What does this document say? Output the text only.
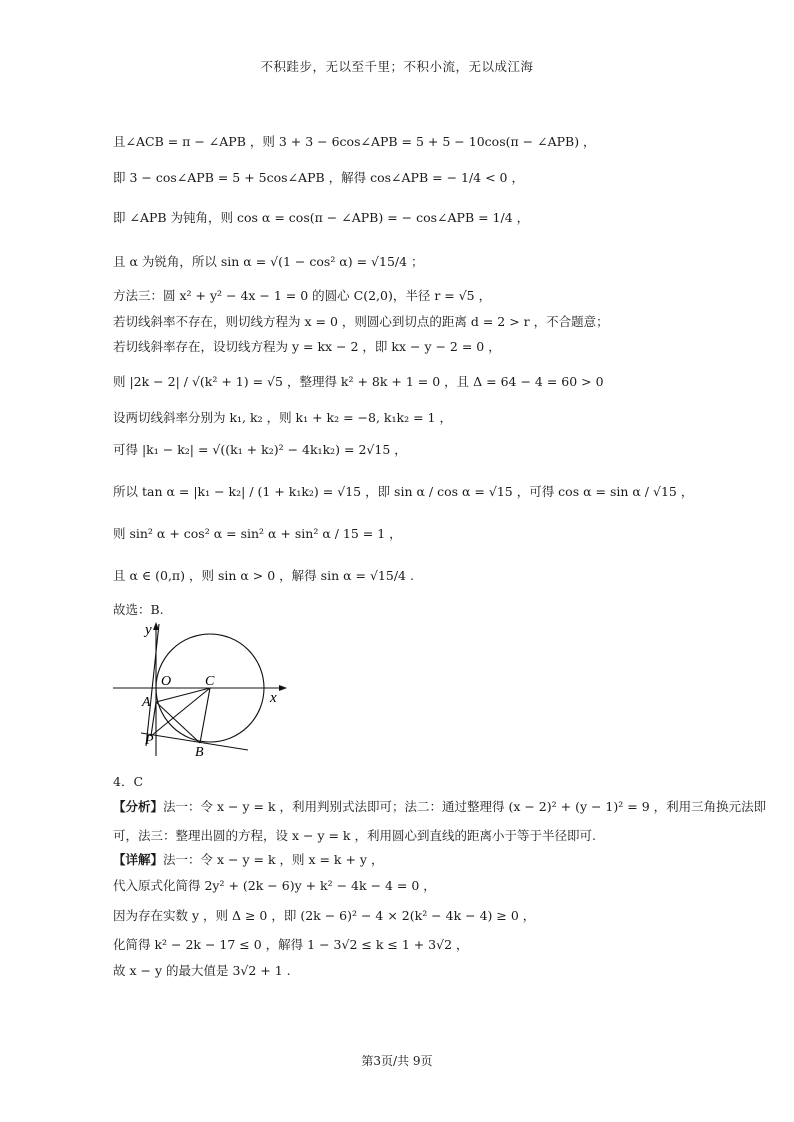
不积跬步，无以至千里；不积小流，无以成江海
且∠ACB = π − ∠APB ，则 3 + 3 − 6cos∠APB = 5 + 5 − 10cos(π − ∠APB) ，
即 3 − cos∠APB = 5 + 5cos∠APB ，解得 cos∠APB = − 1/4 < 0 ，
即 ∠APB 为钝角，则 cos α = cos(π − ∠APB) = − cos∠APB = 1/4 ，
且 α 为锐角，所以 sin α = √(1 − cos² α) = √15/4 ；
方法三：圆 x² + y² − 4x − 1 = 0 的圆心 C(2,0)，半径 r = √5 ，
若切线斜率不存在，则切线方程为 x = 0 ，则圆心到切点的距离 d = 2 > r ，不合题意；
若切线斜率存在，设切线方程为 y = kx − 2 ，即 kx − y − 2 = 0 ，
则 |2k − 2| / √(k² + 1) = √5 ，整理得 k² + 8k + 1 = 0 ，且 Δ = 64 − 4 = 60 > 0
设两切线斜率分别为 k₁, k₂ ，则 k₁ + k₂ = −8, k₁k₂ = 1 ，
可得 |k₁ − k₂| = √((k₁ + k₂)² − 4k₁k₂) = 2√15 ，
所以 tan α = |k₁ − k₂| / (1 + k₁k₂) = √15 ，即 sin α / cos α = √15 ，可得 cos α = sin α / √15 ，
则 sin² α + cos² α = sin² α + sin² α / 15 = 1 ，
且 α ∈ (0,π) ，则 sin α > 0 ，解得 sin α = √15/4 .
故选：B.
y
x
O C
A
P
B
4．C
【分析】法一：令 x − y = k ，利用判别式法即可；法二：通过整理得 (x − 2)² + (y − 1)² = 9 ，利用三角换元法即
可，法三：整理出圆的方程，设 x − y = k ，利用圆心到直线的距离小于等于半径即可.
【详解】法一：令 x − y = k ，则 x = k + y ，
代入原式化简得 2y² + (2k − 6)y + k² − 4k − 4 = 0 ，
因为存在实数 y ，则 Δ ≥ 0 ，即 (2k − 6)² − 4 × 2(k² − 4k − 4) ≥ 0 ，
化简得 k² − 2k − 17 ≤ 0 ，解得 1 − 3√2 ≤ k ≤ 1 + 3√2 ，
故 x − y 的最大值是 3√2 + 1 .
第3页/共 9页
